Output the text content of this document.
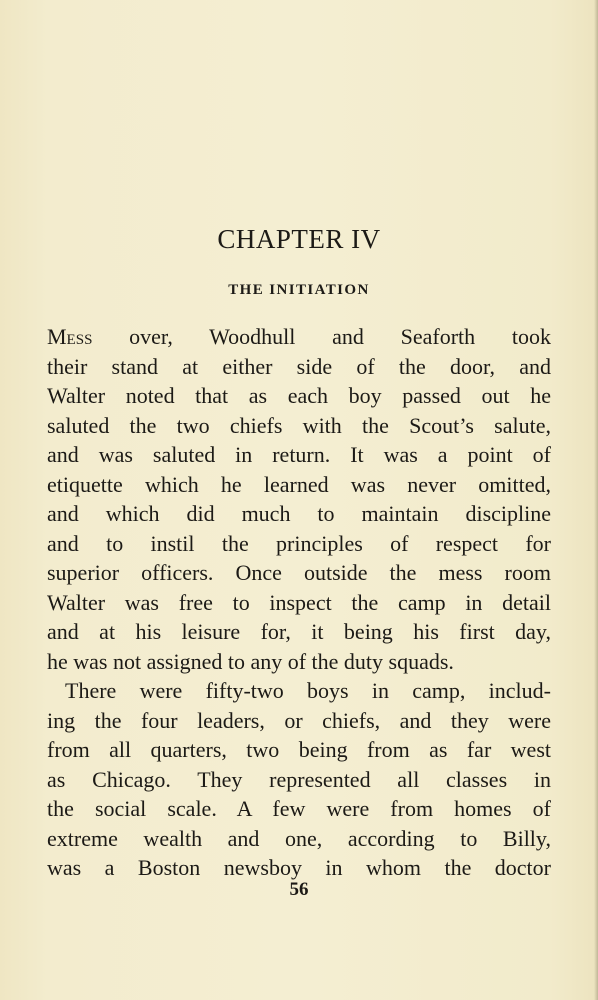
CHAPTER IV
THE INITIATION
Mess over, Woodhull and Seaforth took
their stand at either side of the door, and
Walter noted that as each boy passed out he
saluted the two chiefs with the Scout’s salute,
and was saluted in return. It was a point of
etiquette which he learned was never omitted,
and which did much to maintain discipline
and to instil the principles of respect for
superior officers. Once outside the mess room
Walter was free to inspect the camp in detail
and at his leisure for, it being his first day,
he was not assigned to any of the duty squads.
There were fifty-two boys in camp, includ-
ing the four leaders, or chiefs, and they were
from all quarters, two being from as far west
as Chicago. They represented all classes in
the social scale. A few were from homes of
extreme wealth and one, according to Billy,
was a Boston newsboy in whom the doctor
56
